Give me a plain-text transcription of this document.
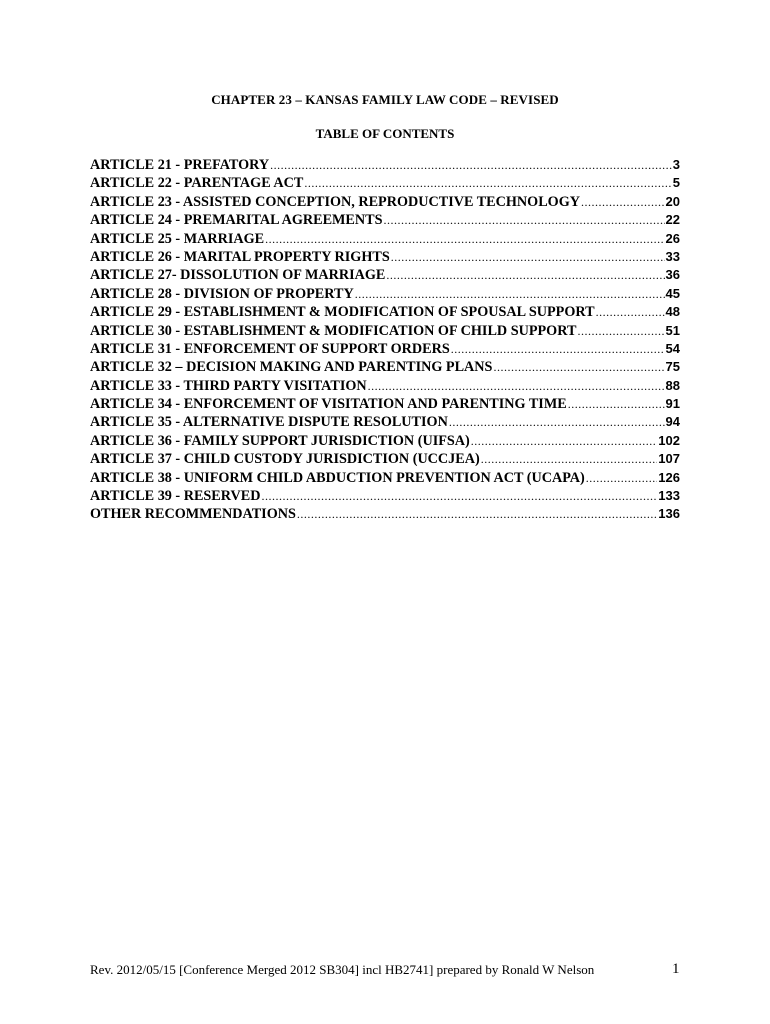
CHAPTER 23 – KANSAS FAMILY LAW CODE – REVISED
TABLE OF CONTENTS
ARTICLE 21 - PREFATORY .....	3
ARTICLE 22 - PARENTAGE ACT .....	5
ARTICLE 23 - ASSISTED CONCEPTION, REPRODUCTIVE TECHNOLOGY .....	20
ARTICLE 24 - PREMARITAL AGREEMENTS .....	22
ARTICLE 25 - MARRIAGE .....	26
ARTICLE 26 - MARITAL PROPERTY RIGHTS .....	33
ARTICLE 27- DISSOLUTION OF MARRIAGE .....	36
ARTICLE 28 - DIVISION OF PROPERTY .....	45
ARTICLE 29 - ESTABLISHMENT & MODIFICATION OF SPOUSAL SUPPORT .....	48
ARTICLE 30 - ESTABLISHMENT & MODIFICATION OF CHILD SUPPORT .....	51
ARTICLE 31 - ENFORCEMENT OF SUPPORT ORDERS .....	54
ARTICLE 32 – DECISION MAKING AND PARENTING PLANS .....	75
ARTICLE 33 - THIRD PARTY VISITATION .....	88
ARTICLE 34 - ENFORCEMENT OF VISITATION AND PARENTING TIME .....	91
ARTICLE 35 - ALTERNATIVE DISPUTE RESOLUTION .....	94
ARTICLE 36 - FAMILY SUPPORT JURISDICTION (UIFSA) .....	102
ARTICLE 37 - CHILD CUSTODY JURISDICTION (UCCJEA) .....	107
ARTICLE 38 - UNIFORM CHILD ABDUCTION PREVENTION ACT (UCAPA) .....	126
ARTICLE 39 - RESERVED .....	133
OTHER RECOMMENDATIONS .....	136
Rev. 2012/05/15 [Conference Merged 2012 SB304] incl HB2741] prepared by Ronald W Nelson	1
